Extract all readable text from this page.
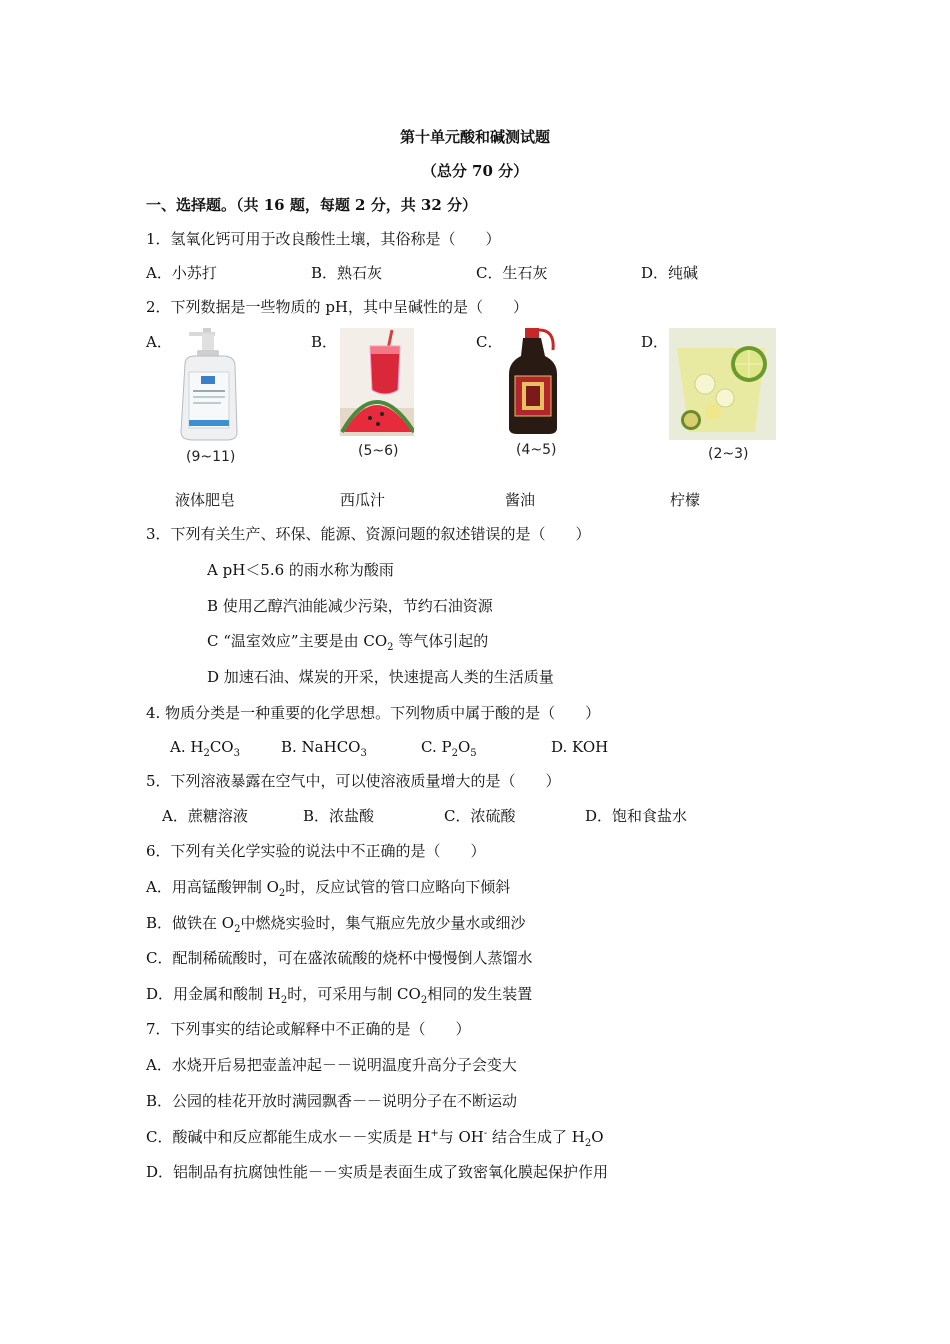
第十单元酸和碱测试题
（总分 70 分）
一、选择题。（共 16 题，每题 2 分，共 32 分）
1．氢氧化钙可用于改良酸性土壤，其俗称是（　　）
A．小苏打	B．熟石灰	C．生石灰	D．纯碱
2．下列数据是一些物质的 pH，其中呈碱性的是（　　）
A．	B．	C．	D．
(9~11)	(5~6)	(4~5)	(2~3)
液体肥皂	西瓜汁	酱油	柠檬
3．下列有关生产、环保、能源、资源问题的叙述错误的是（　　）
A pH＜5.6 的雨水称为酸雨
B 使用乙醇汽油能减少污染，节约石油资源
C “温室效应”主要是由 $CO_2$ 等气体引起的
D 加速石油、煤炭的开采，快速提高人类的生活质量
4. 物质分类是一种重要的化学思想。下列物质中属于酸的是（　　）
A. $H_2CO_3$	B. NaHCO$_3$	C. $P_2O_5$	D. KOH
5．下列溶液暴露在空气中，可以使溶液质量增大的是（　　）
A．蔗糖溶液	B．浓盐酸	C．浓硫酸	D．饱和食盐水
6．下列有关化学实验的说法中不正确的是（　　）
A．用高锰酸钾制 $O_2$时，反应试管的管口应略向下倾斜
B．做铁在 $O_2$中燃烧实验时，集气瓶应先放少量水或细沙
C．配制稀硫酸时，可在盛浓硫酸的烧杯中慢慢倒人蒸馏水
D．用金属和酸制 $H_2$时，可采用与制 $CO_2$相同的发生装置
7．下列事实的结论或解释中不正确的是（　　）
A．水烧开后易把壶盖冲起－－说明温度升高分子会变大
B．公园的桂花开放时满园飘香－－说明分子在不断运动
C．酸碱中和反应都能生成水－－实质是 H+与 OH- 结合生成了 $H_2O$
D．铝制品有抗腐蚀性能－－实质是表面生成了致密氧化膜起保护作用
